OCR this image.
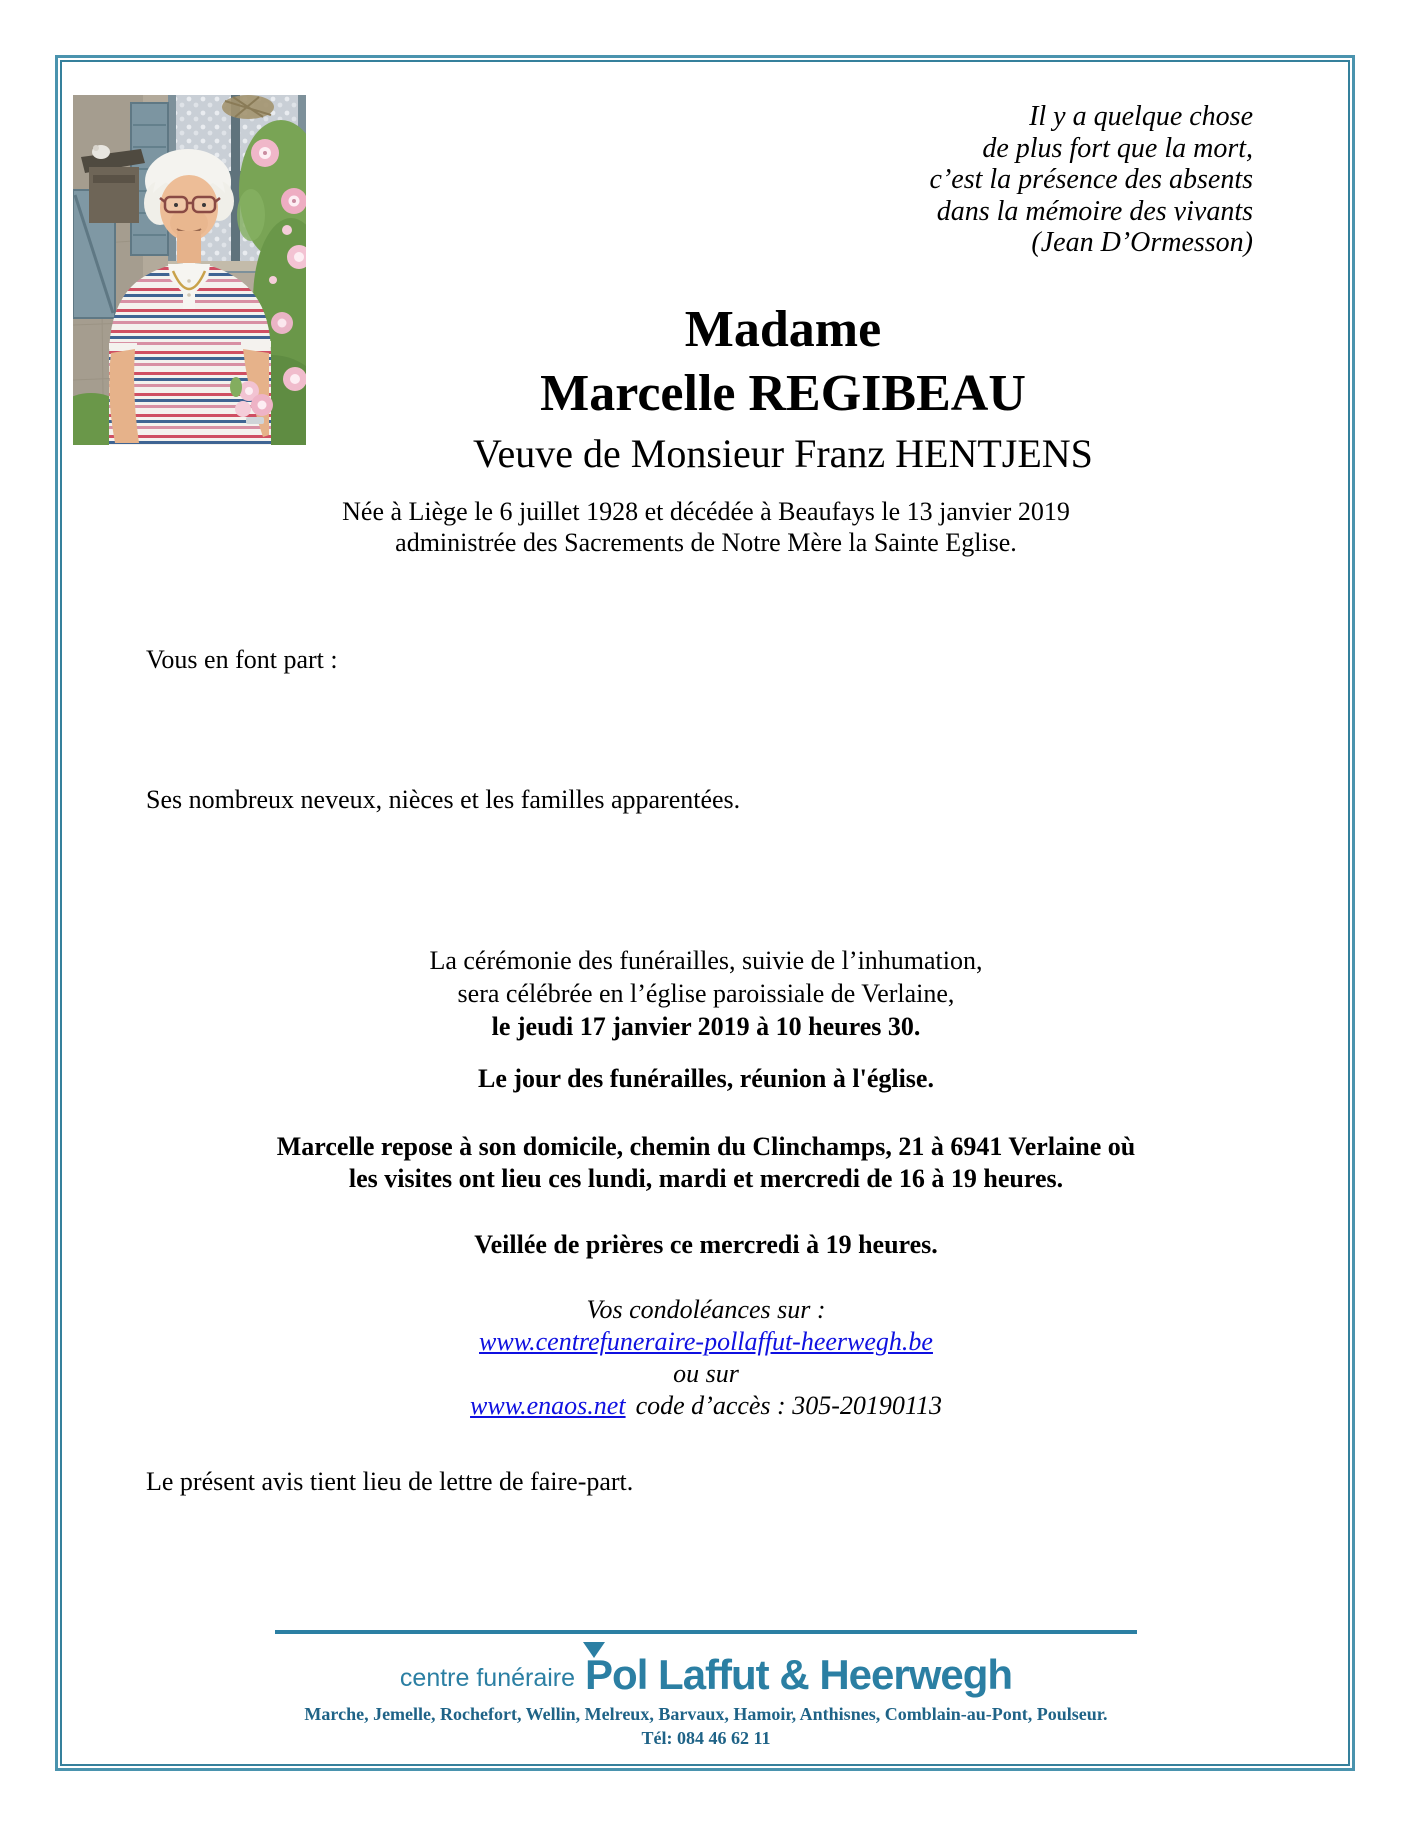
Il y a quelque chose
de plus fort que la mort,
c’est la présence des absents
dans la mémoire des vivants
(Jean D’Ormesson)
Madame
Marcelle REGIBEAU
Veuve de Monsieur Franz HENTJENS
Née à Liège le 6 juillet 1928 et décédée à Beaufays le 13 janvier 2019
administrée des Sacrements de Notre Mère la Sainte Eglise.
Vous en font part :
Ses nombreux neveux, nièces et les familles apparentées.
La cérémonie des funérailles, suivie de l’inhumation,
sera célébrée en l’église paroissiale de Verlaine,
le jeudi 17 janvier 2019 à 10 heures 30.
Le jour des funérailles, réunion à l'église.
Marcelle repose à son domicile, chemin du Clinchamps, 21 à 6941 Verlaine où
les visites ont lieu ces lundi, mardi et mercredi de 16 à 19 heures.
Veillée de prières ce mercredi à 19 heures.
Vos condoléances sur :
www.centrefuneraire-pollaffut-heerwegh.be
ou sur
www.enaos.net code d’accès : 305-20190113
Le présent avis tient lieu de lettre de faire-part.
centre funéraire Pol Laffut & Heerwegh
Marche, Jemelle, Rochefort, Wellin, Melreux, Barvaux, Hamoir, Anthisnes, Comblain-au-Pont, Poulseur.
Tél: 084 46 62 11
